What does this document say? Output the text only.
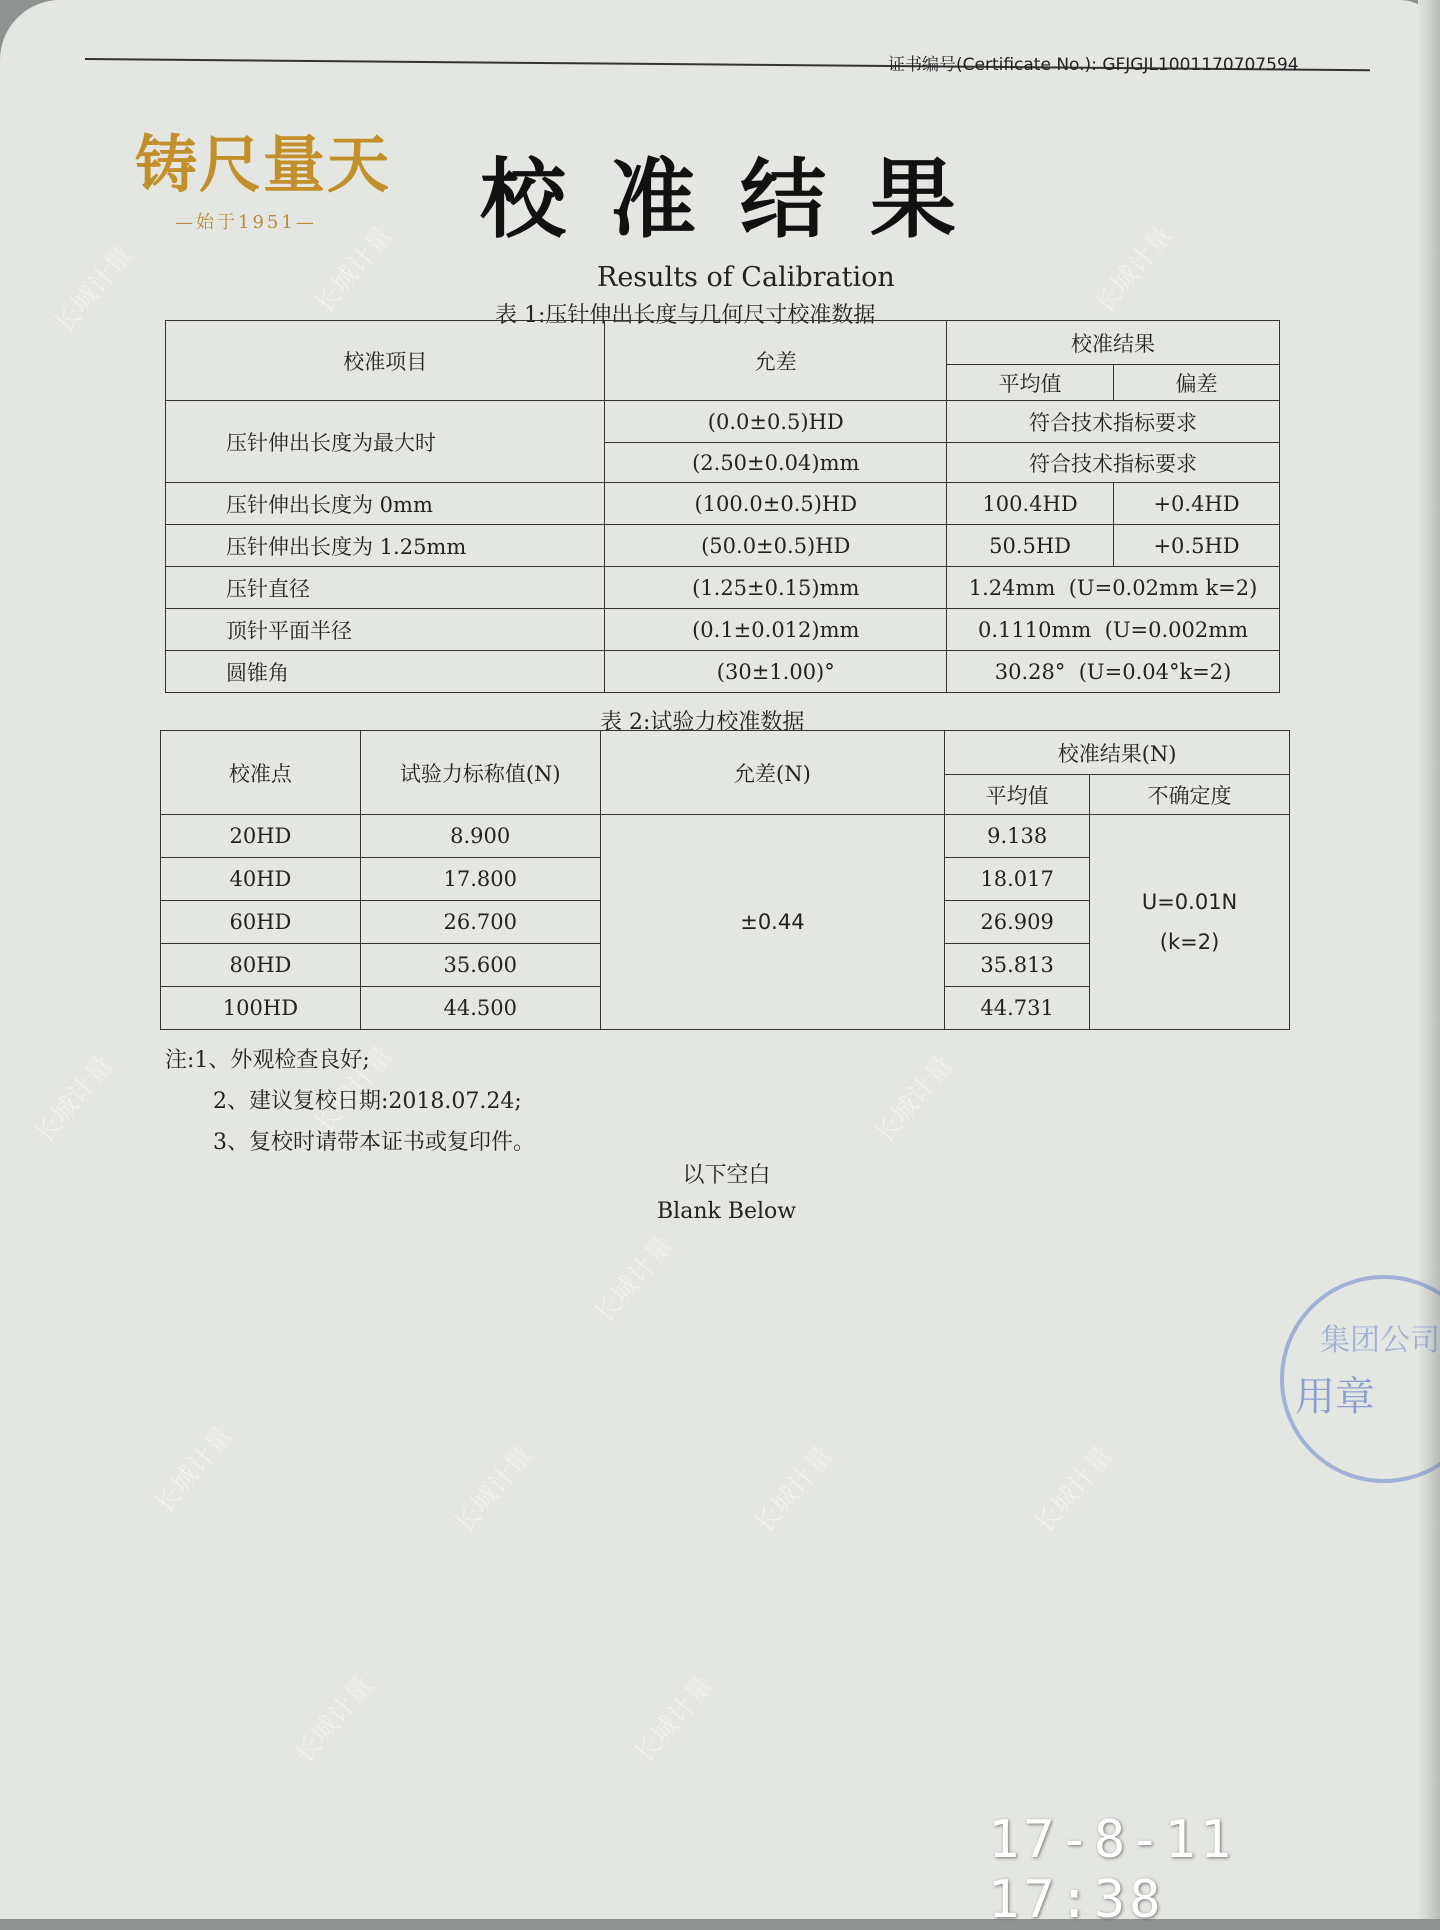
长城计量	长城计量	长城计量
长城计量	长城计量
长城计量
长城计量
长城计量	长城计量	长城计量	长城计量
长城计量	长城计量
证书编号(Certificate No.): GFJGJL1001170707594
铸尺量天
—始于1951—	校准结果
Results of Calibration
表 1:压针伸出长度与几何尺寸校准数据
校准项目	允差	校准结果	
		平均值	偏差
压针伸出长度为最大时	(0.0±0.5)HD	符合技术指标要求	
	(2.50±0.04)mm	符合技术指标要求	
压针伸出长度为 0mm	(100.0±0.5)HD	100.4HD	+0.4HD
压针伸出长度为 1.25mm	(50.0±0.5)HD	50.5HD	+0.5HD
压针直径	(1.25±0.15)mm	1.24mm (U=0.02mm k=2)	
顶针平面半径	(0.1±0.012)mm	0.1110mm (U=0.002mm	
圆锥角	(30±1.00)°	30.28° (U=0.04°k=2)	
表 2:试验力校准数据
校准点	试验力标称值(N)	允差(N)	校准结果(N)	
			平均值	不确定度
20HD	8.900	±0.44	9.138	U=0.01N
(k=2)

40HD	17.800		18.017	
60HD	26.700		26.909	
80HD	35.600		35.813	
100HD	44.500		44.731	
注:1、外观检查良好;
2、建议复校日期:2018.07.24;
3、复校时请带本证书或复印件。
以下空白
Blank Below
集团公司
用章
17-8-11 17:38
